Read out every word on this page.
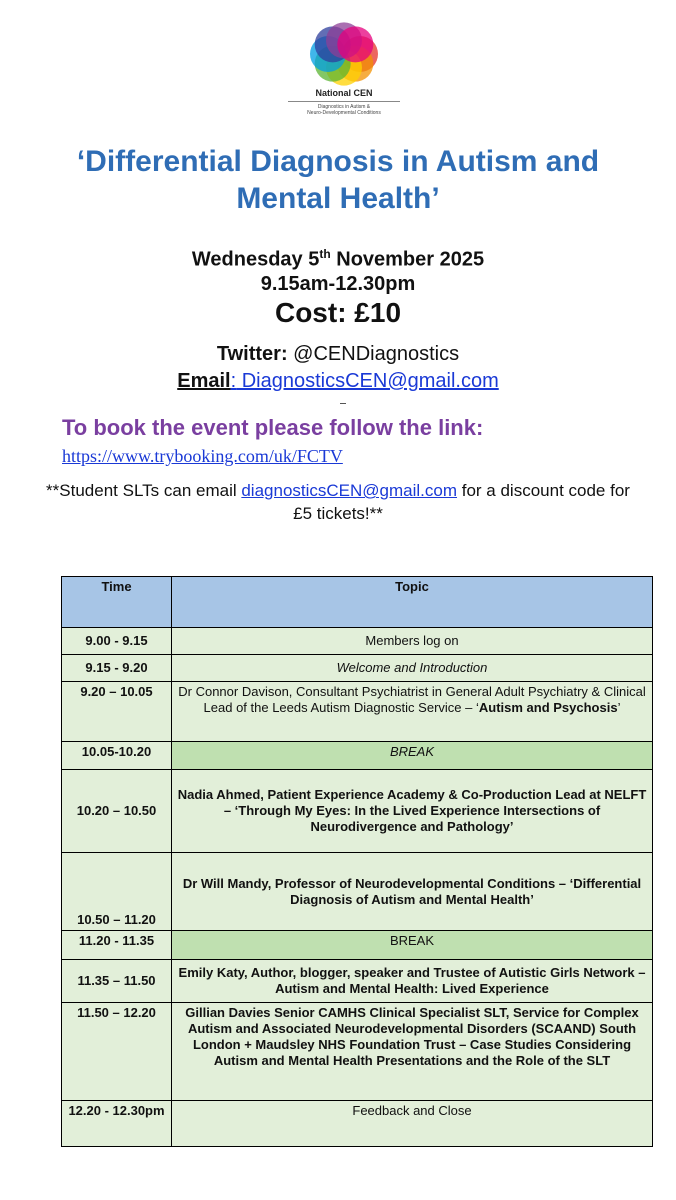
National CEN
Diagnostics in Autism &
Neuro-Developmental Conditions
‘Differential Diagnosis in Autism and
Mental Health’
Wednesday 5th November 2025
9.15am-12.30pm
Cost: £10
Twitter: @CENDiagnostics
Email: DiagnosticsCEN@gmail.com
To book the event please follow the link:
https://www.trybooking.com/uk/FCTV
**Student SLTs can email diagnosticsCEN@gmail.com for a discount code for £5 tickets!**
Time	Topic
9.00 - 9.15	Members log on
9.15 - 9.20	Welcome and Introduction
9.20 – 10.05	Dr Connor Davison, Consultant Psychiatrist in General Adult Psychiatry & Clinical Lead of the Leeds Autism Diagnostic Service – ‘Autism and Psychosis’
10.05-10.20	BREAK
10.20 – 10.50	Nadia Ahmed, Patient Experience Academy & Co-Production Lead at NELFT – ‘Through My Eyes: In the Lived Experience Intersections of Neurodivergence and Pathology’
10.50 – 11.20	Dr Will Mandy, Professor of Neurodevelopmental Conditions – ‘Differential Diagnosis of Autism and Mental Health’
11.20 - 11.35	BREAK
11.35 – 11.50	Emily Katy, Author, blogger, speaker and Trustee of Autistic Girls Network – Autism and Mental Health: Lived Experience
11.50 – 12.20	Gillian Davies Senior CAMHS Clinical Specialist SLT, Service for Complex Autism and Associated Neurodevelopmental Disorders (SCAAND) South London + Maudsley NHS Foundation Trust – Case Studies Considering Autism and Mental Health Presentations and the Role of the SLT
12.20 - 12.30pm	Feedback and Close
